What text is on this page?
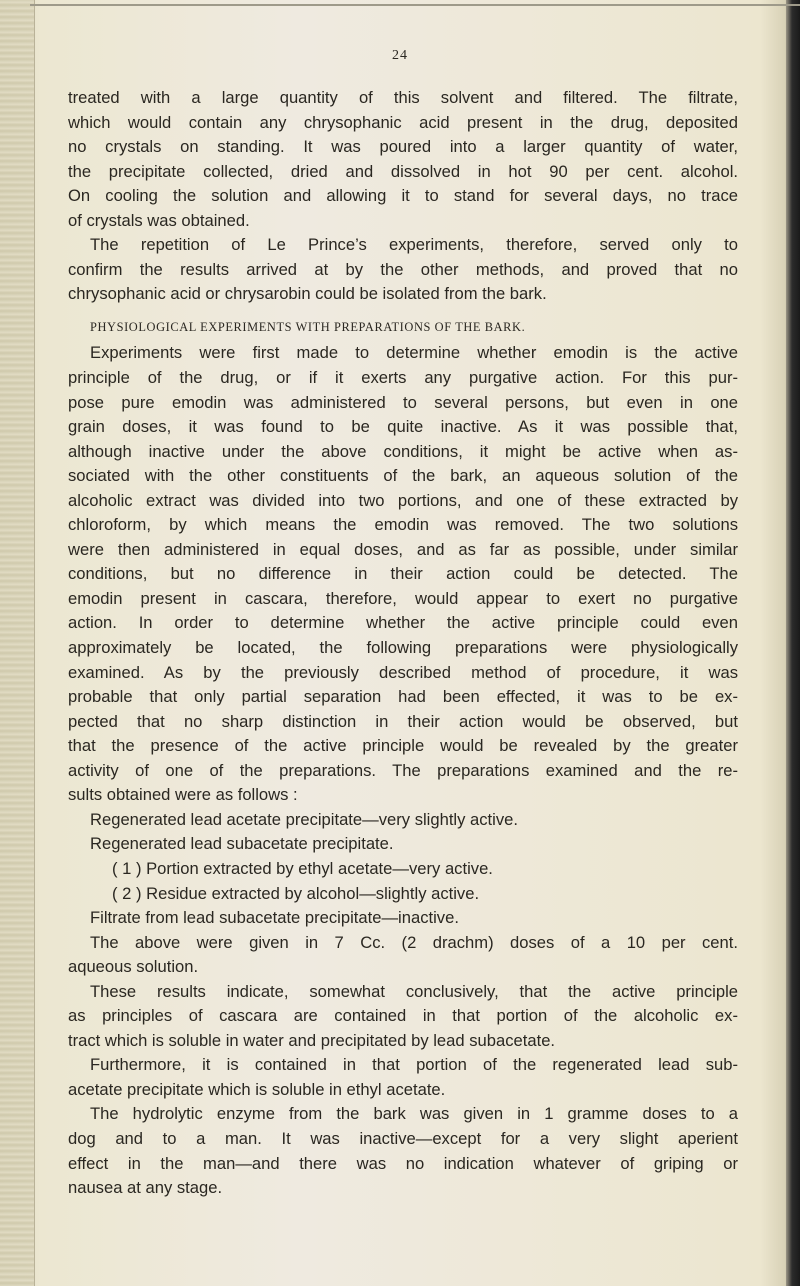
24

treated with a large quantity of this solvent and filtered. The filtrate,

which would contain any chrysophanic acid present in the drug, deposited

no crystals on standing. It was poured into a larger quantity of water,

the precipitate collected, dried and dissolved in hot 90 per cent. alcohol.

On cooling the solution and allowing it to stand for several days, no trace

of crystals was obtained.

The repetition of Le Prince’s experiments, therefore, served only to

confirm the results arrived at by the other methods, and proved that no

chrysophanic acid or chrysarobin could be isolated from the bark.

PHYSIOLOGICAL EXPERIMENTS WITH PREPARATIONS OF THE BARK.

Experiments were first made to determine whether emodin is the active

principle of the drug, or if it exerts any purgative action. For this pur-

pose pure emodin was administered to several persons, but even in one

grain doses, it was found to be quite inactive. As it was possible that,

although inactive under the above conditions, it might be active when as-

sociated with the other constituents of the bark, an aqueous solution of the

alcoholic extract was divided into two portions, and one of these extracted by

chloroform, by which means the emodin was removed. The two solutions

were then administered in equal doses, and as far as possible, under similar

conditions, but no difference in their action could be detected. The

emodin present in cascara, therefore, would appear to exert no purgative

action. In order to determine whether the active principle could even

approximately be located, the following preparations were physiologically

examined. As by the previously described method of procedure, it was

probable that only partial separation had been effected, it was to be ex-

pected that no sharp distinction in their action would be observed, but

that the presence of the active principle would be revealed by the greater

activity of one of the preparations. The preparations examined and the re-

sults obtained were as follows :

Regenerated lead acetate precipitate—very slightly active.

Regenerated lead subacetate precipitate.

( 1 ) Portion extracted by ethyl acetate—very active.

( 2 ) Residue extracted by alcohol—slightly active.

Filtrate from lead subacetate precipitate—inactive.

The above were given in 7 Cc. (2 drachm) doses of a 10 per cent.

aqueous solution.

These results indicate, somewhat conclusively, that the active principle

as principles of cascara are contained in that portion of the alcoholic ex-

tract which is soluble in water and precipitated by lead subacetate.

Furthermore, it is contained in that portion of the regenerated lead sub-

acetate precipitate which is soluble in ethyl acetate.

The hydrolytic enzyme from the bark was given in 1 gramme doses to a

dog and to a man. It was inactive—except for a very slight aperient

effect in the man—and there was no indication whatever of griping or

nausea at any stage.
